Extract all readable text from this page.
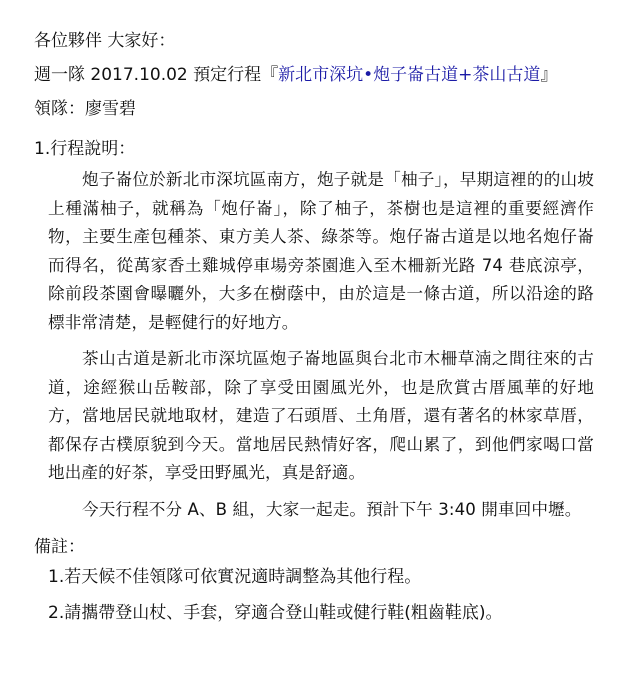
各位夥伴 大家好：
週一隊 2017.10.02 預定行程『新北市深坑•炮子崙古道+茶山古道』
領隊：廖雪碧
1.行程說明：

炮子崙位於新北市深坑區南方，炮子就是「柚子」，早期這裡的的山坡上種滿柚子，就稱為「炮仔崙」，除了柚子，茶樹也是這裡的重要經濟作物，主要生產包種茶、東方美人茶、綠茶等。炮仔崙古道是以地名炮仔崙而得名，從萬家香土雞城停車場旁茶園進入至木柵新光路 74 巷底涼亭，除前段茶園會曝曬外，大多在樹蔭中，由於這是一條古道，所以沿途的路標非常清楚，是輕健行的好地方。

茶山古道是新北市深坑區炮子崙地區與台北市木柵草湳之間往來的古道，途經猴山岳鞍部，除了享受田園風光外，也是欣賞古厝風華的好地方，當地居民就地取材，建造了石頭厝、土角厝，還有著名的林家草厝，都保存古樸原貌到今天。當地居民熱情好客，爬山累了，到他們家喝口當地出產的好茶，享受田野風光，真是舒適。

今天行程不分 A、B 組，大家一起走。預計下午 3:40 開車回中壢。

備註：
1.若天候不佳領隊可依實況適時調整為其他行程。
2.請攜帶登山杖、手套，穿適合登山鞋或健行鞋(粗齒鞋底)。
